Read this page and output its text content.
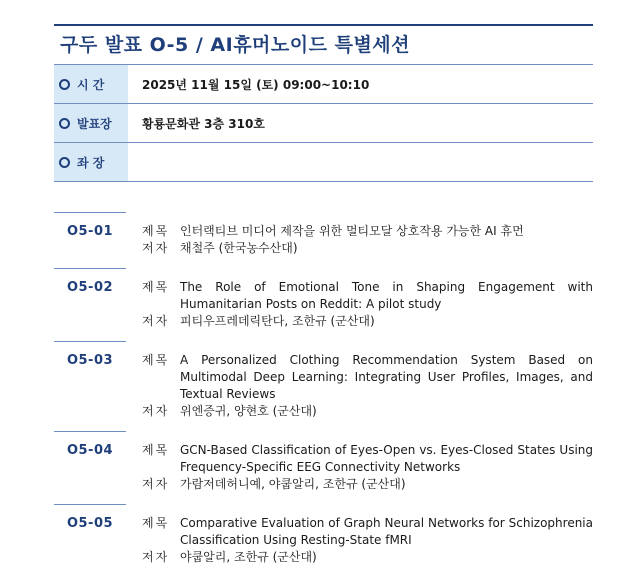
구두 발표 O-5 / AI휴머노이드 특별세션
시 간	2025년 11월 15일 (토) 09:00~10:10
발표장	황룡문화관 3층 310호
좌 장
O5-01	제목 인터랙티브 미디어 제작을 위한 멀티모달 상호작용 가능한 AI 휴먼
저자 채철주 (한국농수산대)
O5-02	제목 The Role of Emotional Tone in Shaping Engagement with Humanitarian Posts on Reddit: A pilot study
저자 피티우프레데릭탄다, 조한규 (군산대)
O5-03	제목 A Personalized Clothing Recommendation System Based on Multimodal Deep Learning: Integrating User Profiles, Images, and Textual Reviews
저자 위엔증귀, 양현호 (군산대)
O5-04	제목 GCN-Based Classification of Eyes-Open vs. Eyes-Closed States Using Frequency-Specific EEG Connectivity Networks
저자 가람저데허니예, 야쿱알리, 조한규 (군산대)
O5-05	제목 Comparative Evaluation of Graph Neural Networks for Schizophrenia Classification Using Resting-State fMRI
저자 야쿱알리, 조한규 (군산대)
